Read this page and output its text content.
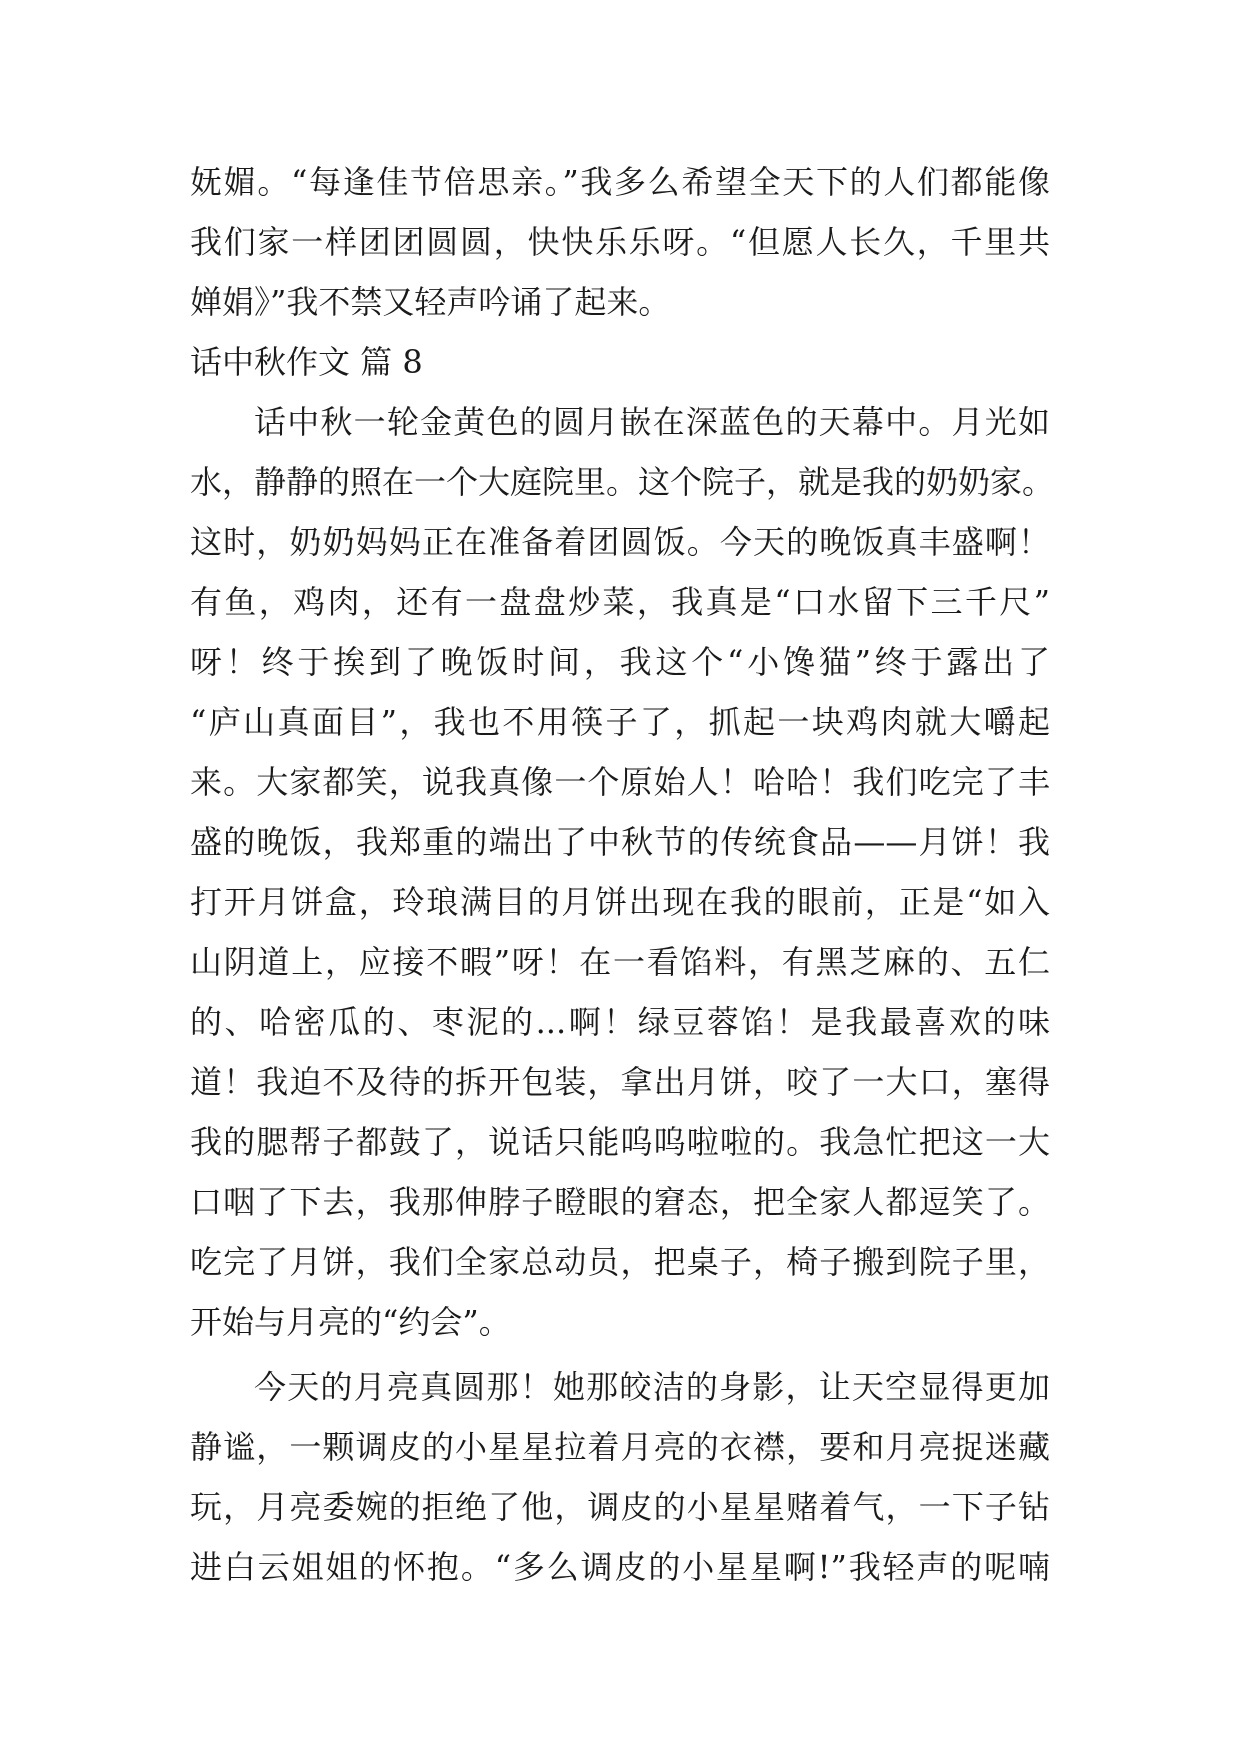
妩媚。“每逢佳节倍思亲。”我多么希望全天下的人们都能像
我们家一样团团圆圆，快快乐乐呀。“但愿人长久，千里共
婵娟》”我不禁又轻声吟诵了起来。
话中秋作文 篇 8
话中秋一轮金黄色的圆月嵌在深蓝色的天幕中。月光如
水，静静的照在一个大庭院里。这个院子，就是我的奶奶家。
这时，奶奶妈妈正在准备着团圆饭。今天的晚饭真丰盛啊！
有鱼，鸡肉，还有一盘盘炒菜，我真是“口水留下三千尺”
呀！终于挨到了晚饭时间，我这个“小馋猫”终于露出了
“庐山真面目”，我也不用筷子了，抓起一块鸡肉就大嚼起
来。大家都笑，说我真像一个原始人！哈哈！我们吃完了丰
盛的晚饭，我郑重的端出了中秋节的传统食品——月饼！我
打开月饼盒，玲琅满目的月饼出现在我的眼前，正是“如入
山阴道上，应接不暇”呀！在一看馅料，有黑芝麻的、五仁
的、哈密瓜的、枣泥的...啊！绿豆蓉馅！是我最喜欢的味
道！我迫不及待的拆开包装，拿出月饼，咬了一大口，塞得
我的腮帮子都鼓了，说话只能呜呜啦啦的。我急忙把这一大
口咽了下去，我那伸脖子瞪眼的窘态，把全家人都逗笑了。
吃完了月饼，我们全家总动员，把桌子，椅子搬到院子里，
开始与月亮的“约会”。
今天的月亮真圆那！她那皎洁的身影，让天空显得更加
静谧，一颗调皮的小星星拉着月亮的衣襟，要和月亮捉迷藏
玩，月亮委婉的拒绝了他，调皮的小星星赌着气，一下子钻
进白云姐姐的怀抱。“多么调皮的小星星啊!”我轻声的呢喃
